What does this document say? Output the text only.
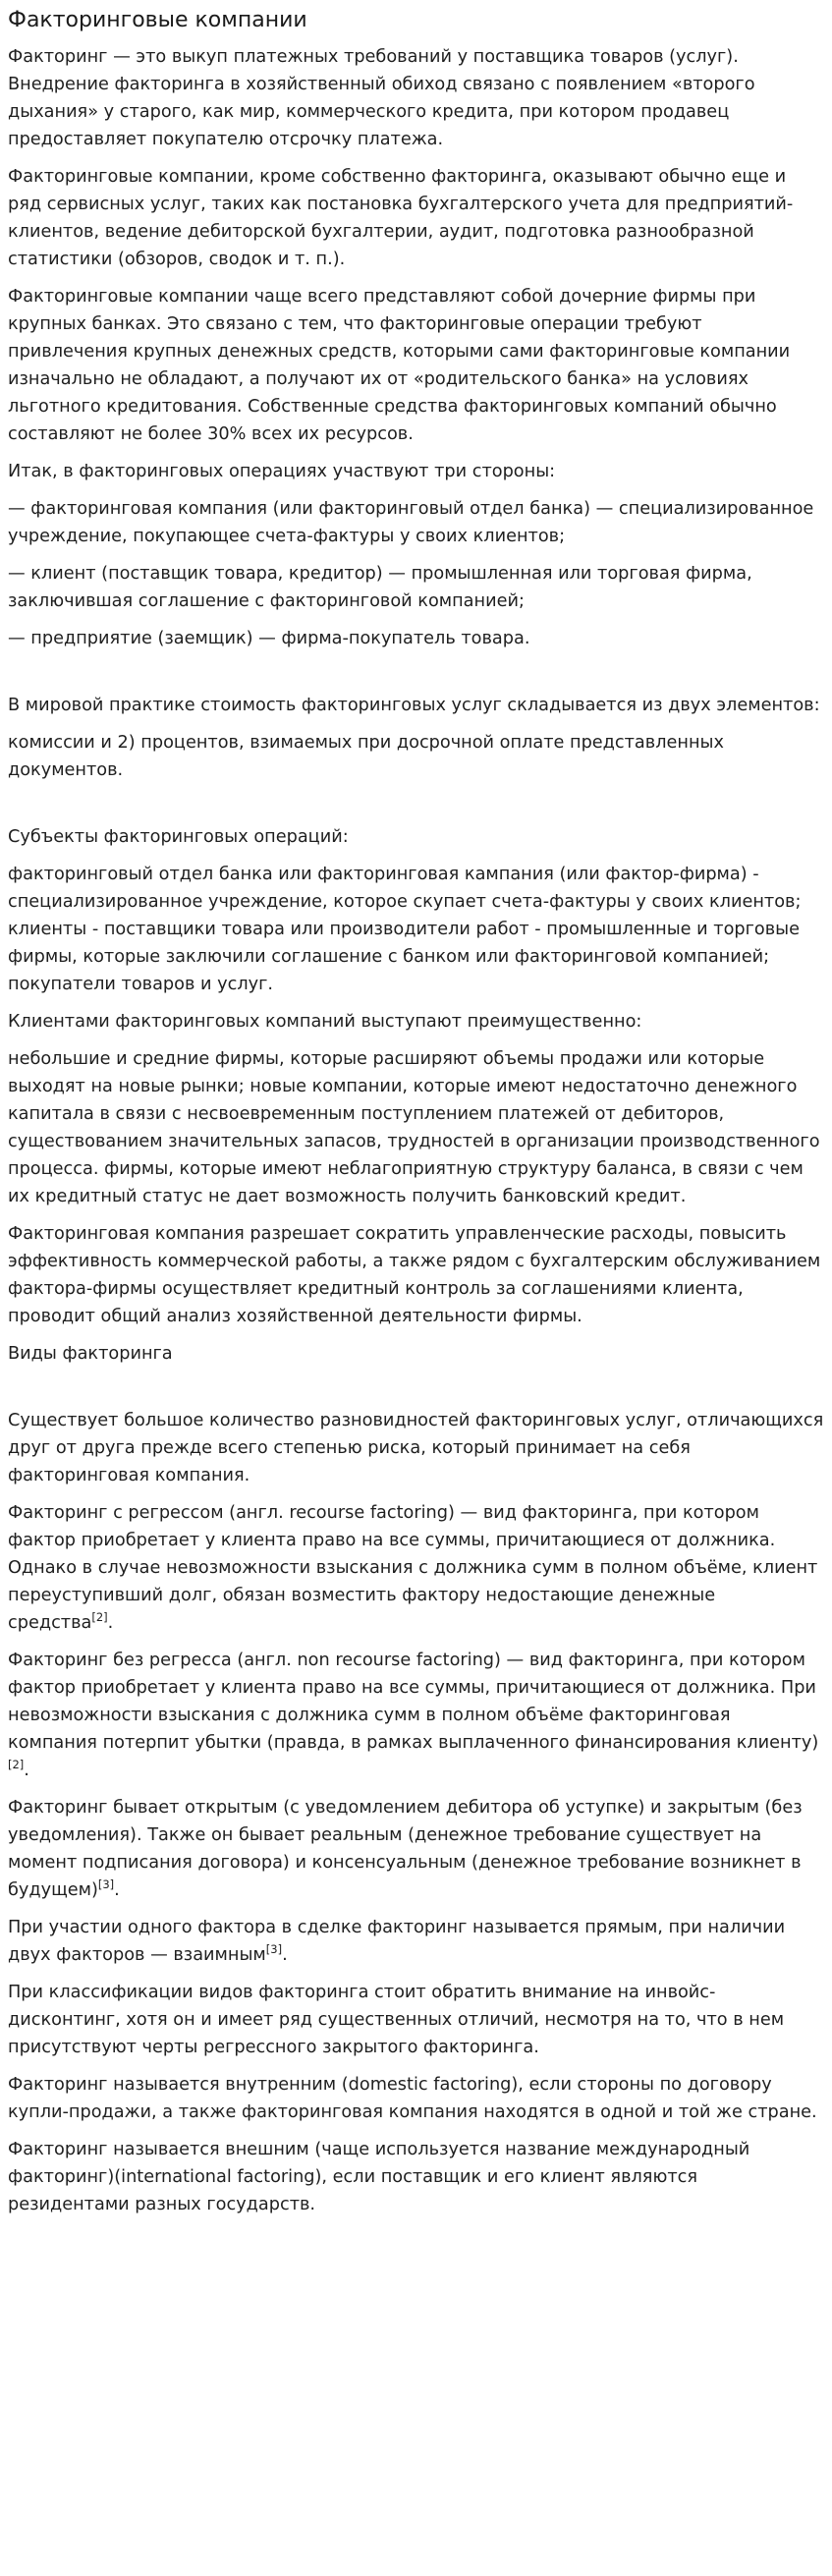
Факторинговые компании

Факторинг — это выкуп платежных требований у поставщика товаров (услуг). Внедрение факторинга в хозяйственный обиход связано с появлением «второго дыхания» у старого, как мир, коммерческого кредита, при котором продавец предоставляет покупателю отсрочку платежа.

Факторинговые компании, кроме собственно факторинга, оказывают обычно еще и ряд сервисных услуг, таких как постановка бухгалтерского учета для предприятий-клиентов, ведение дебиторской бухгалтерии, аудит, подготовка разнообразной статистики (обзоров, сводок и т. п.).

Факторинговые компании чаще всего представляют собой дочерние фирмы при крупных банках. Это связано с тем, что факторинговые операции требуют привлечения крупных денежных средств, которыми сами факторинговые компании изначально не обладают, а получают их от «родительского банка» на условиях льготного кредитования. Собственные средства факторинговых компаний обычно составляют не более 30% всех их ресурсов.

Итак, в факторинговых операциях участвуют три стороны:

— факторинговая компания (или факторинговый отдел банка) — специализированное учреждение, покупающее счета-фактуры у своих клиентов;

— клиент (поставщик товара, кредитор) — промышленная или торговая фирма, заключившая соглашение с факторинговой компанией;

— предприятие (заемщик) — фирма-покупатель товара.

В мировой практике стоимость факторинговых услуг складывается из двух элементов:

комиссии и 2) процентов, взимаемых при досрочной оплате представленных документов.

Субъекты факторинговых операций:

факторинговый отдел банка или факторинговая кампания (или фактор-фирма) - специализированное учреждение, которое скупает счета-фактуры у своих клиентов; клиенты - поставщики товара или производители работ - промышленные и торговые фирмы, которые заключили соглашение с банком или факторинговой компанией; покупатели товаров и услуг.

Клиентами факторинговых компаний выступают преимущественно:

небольшие и средние фирмы, которые расширяют объемы продажи или которые выходят на новые рынки; новые компании, которые имеют недостаточно денежного капитала в связи с несвоевременным поступлением платежей от дебиторов, существованием значительных запасов, трудностей в организации производственного процесса. фирмы, которые имеют неблагоприятную структуру баланса, в связи с чем их кредитный статус не дает возможность получить банковский кредит.

Факторинговая компания разрешает сократить управленческие расходы, повысить эффективность коммерческой работы, а также рядом с бухгалтерским обслуживанием фактора-фирмы осуществляет кредитный контроль за соглашениями клиента, проводит общий анализ хозяйственной деятельности фирмы.

Виды факторинга

Существует большое количество разновидностей факторинговых услуг, отличающихся друг от друга прежде всего степенью риска, который принимает на себя факторинговая компания.

Факторинг с регрессом (англ. recourse factoring) — вид факторинга, при котором фактор приобретает у клиента право на все суммы, причитающиеся от должника. Однако в случае невозможности взыскания с должника сумм в полном объёме, клиент переуступивший долг, обязан возместить фактору недостающие денежные средства[2].

Факторинг без регресса (англ. non recourse factoring) — вид факторинга, при котором фактор приобретает у клиента право на все суммы, причитающиеся от должника. При невозможности взыскания с должника сумм в полном объёме факторинговая компания потерпит убытки (правда, в рамках выплаченного финансирования клиенту)[2].

Факторинг бывает открытым (с уведомлением дебитора об уступке) и закрытым (без уведомления). Также он бывает реальным (денежное требование существует на момент подписания договора) и консенсуальным (денежное требование возникнет в будущем)[3].

При участии одного фактора в сделке факторинг называется прямым, при наличии двух факторов — взаимным[3].

При классификации видов факторинга стоит обратить внимание на инвойс-дисконтинг, хотя он и имеет ряд существенных отличий, несмотря на то, что в нем присутствуют черты регрессного закрытого факторинга.

Факторинг называется внутренним (domestic factoring), если стороны по договору купли-продажи, а также факторинговая компания находятся в одной и той же стране.

Факторинг называется внешним (чаще используется название международный факторинг)(international factoring), если поставщик и его клиент являются резидентами разных государств.
